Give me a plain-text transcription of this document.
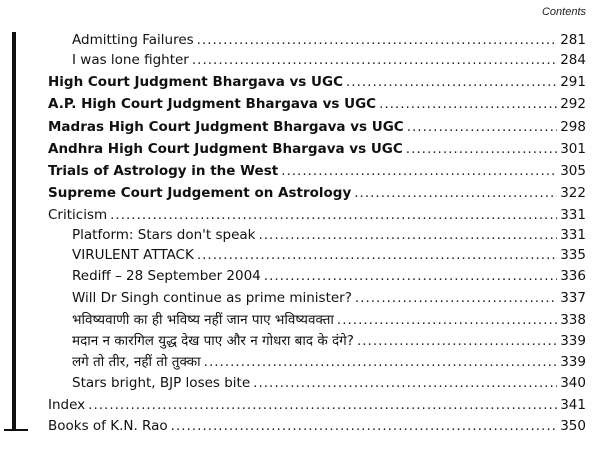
Contents
Admitting Failures .....	281
I was lone fighter .....	284
High Court Judgment Bhargava vs UGC .....	291
A.P. High Court Judgment Bhargava vs UGC .....	292
Madras High Court Judgment Bhargava vs UGC .....	298
Andhra High Court Judgment Bhargava vs UGC .....	301
Trials of Astrology in the West .....	305
Supreme Court Judgement on Astrology .....	322
Criticism .....	331
Platform: Stars don't speak .....	331
VIRULENT ATTACK .....	335
Rediff – 28 September 2004 .....	336
Will Dr Singh continue as prime minister? .....	337
भविष्यवाणी का ही भविष्य नहीं जान पाए भविष्यवक्ता .....	338
मदान न कारगिल युद्ध देख पाए और न गोधरा बाद के दंगे? .....	339
लगे तो तीर, नहीं तो तुक्का .....	339
Stars bright, BJP loses bite .....	340
Index .....	341
Books of K.N. Rao .....	350
